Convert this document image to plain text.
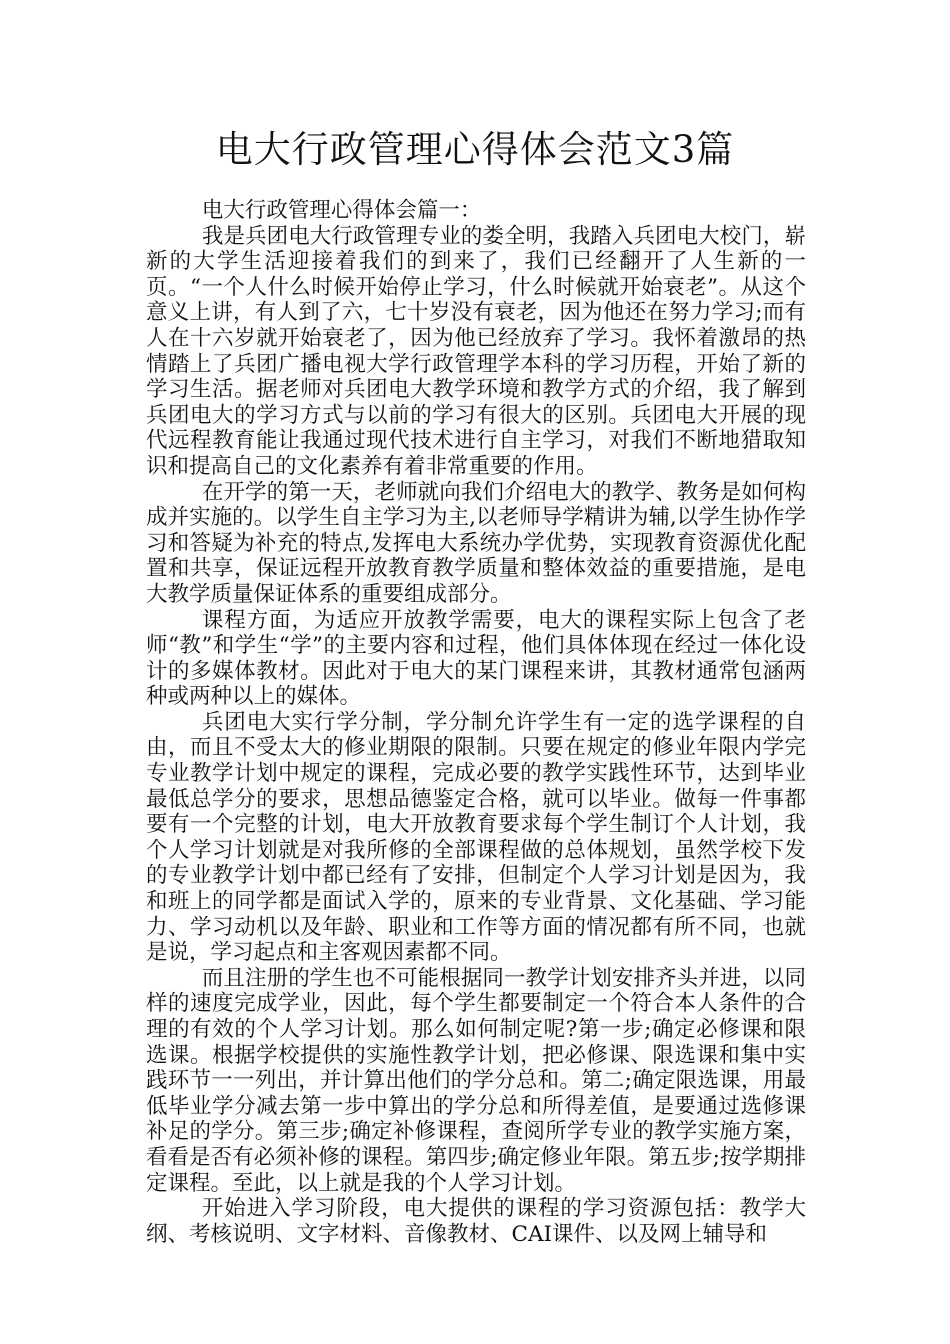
电大行政管理心得体会范文3篇

电大行政管理心得体会篇一：

我是兵团电大行政管理专业的娄全明，我踏入兵团电大校门，崭新的大学生活迎接着我们的到来了，我们已经翻开了人生新的一页。“一个人什么时候开始停止学习，什么时候就开始衰老”。从这个意义上讲，有人到了六，七十岁没有衰老，因为他还在努力学习;而有人在十六岁就开始衰老了，因为他已经放弃了学习。我怀着激昂的热情踏上了兵团广播电视大学行政管理学本科的学习历程，开始了新的学习生活。据老师对兵团电大教学环境和教学方式的介绍，我了解到兵团电大的学习方式与以前的学习有很大的区别。兵团电大开展的现代远程教育能让我通过现代技术进行自主学习，对我们不断地猎取知识和提高自己的文化素养有着非常重要的作用。

在开学的第一天，老师就向我们介绍电大的教学、教务是如何构成并实施的。以学生自主学习为主,以老师导学精讲为辅,以学生协作学习和答疑为补充的特点,发挥电大系统办学优势，实现教育资源优化配置和共享，保证远程开放教育教学质量和整体效益的重要措施，是电大教学质量保证体系的重要组成部分。

课程方面，为适应开放教学需要，电大的课程实际上包含了老师“教”和学生“学”的主要内容和过程，他们具体体现在经过一体化设计的多媒体教材。因此对于电大的某门课程来讲，其教材通常包涵两种或两种以上的媒体。

兵团电大实行学分制，学分制允许学生有一定的选学课程的自由，而且不受太大的修业期限的限制。只要在规定的修业年限内学完专业教学计划中规定的课程，完成必要的教学实践性环节，达到毕业最低总学分的要求，思想品德鉴定合格，就可以毕业。做每一件事都要有一个完整的计划，电大开放教育要求每个学生制订个人计划，我个人学习计划就是对我所修的全部课程做的总体规划，虽然学校下发的专业教学计划中都已经有了安排，但制定个人学习计划是因为，我和班上的同学都是面试入学的，原来的专业背景、文化基础、学习能力、学习动机以及年龄、职业和工作等方面的情况都有所不同，也就是说，学习起点和主客观因素都不同。

而且注册的学生也不可能根据同一教学计划安排齐头并进，以同样的速度完成学业，因此，每个学生都要制定一个符合本人条件的合理的有效的个人学习计划。那么如何制定呢?第一步;确定必修课和限选课。根据学校提供的实施性教学计划，把必修课、限选课和集中实践环节一一列出，并计算出他们的学分总和。第二;确定限选课，用最低毕业学分减去第一步中算出的学分总和所得差值，是要通过选修课补足的学分。第三步;确定补修课程，查阅所学专业的教学实施方案，看看是否有必须补修的课程。第四步;确定修业年限。第五步;按学期排定课程。至此，以上就是我的个人学习计划。

开始进入学习阶段，电大提供的课程的学习资源包括：教学大纲、考核说明、文字材料、音像教材、CAI课件、以及网上辅导和
